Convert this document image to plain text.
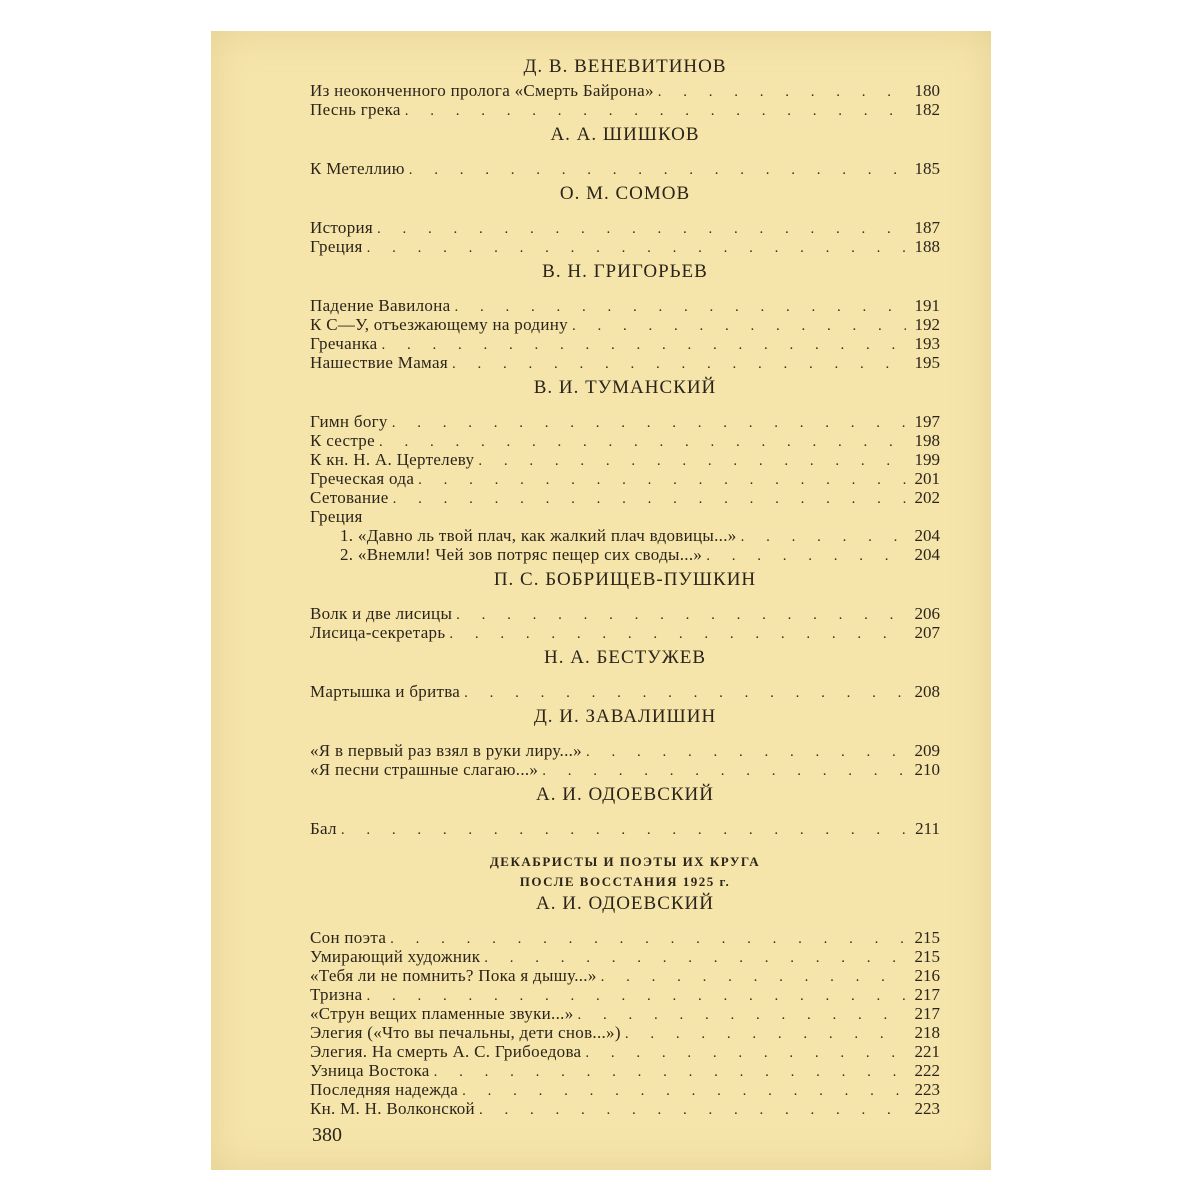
Д. В. ВЕНЕВИТИНОВ
Из неоконченного пролога «Смерть Байрона» . . .	180
Песнь грека . . .	182
А. А. ШИШКОВ
К Метеллию . . .	185
О. М. СОМОВ
История . . .	187
Греция . . .	188
В. Н. ГРИГОРЬЕВ
Падение Вавилона . . .	191
К С—У, отъезжающему на родину . . .	192
Гречанка . . .	193
Нашествие Мамая . . .	195
В. И. ТУМАНСКИЙ
Гимн богу . . .	197
К сестре . . .	198
К кн. Н. А. Цертелеву . . .	199
Греческая ода . . .	201
Сетование . . .	202
Греция
1. «Давно ль твой плач, как жалкий плач вдовицы...» . . .	204
2. «Внемли! Чей зов потряс пещер сих своды...» . . .	204
П. С. БОБРИЩЕВ-ПУШКИН
Волк и две лисицы . . .	206
Лисица-секретарь . . .	207
Н. А. БЕСТУЖЕВ
Мартышка и бритва . . .	208
Д. И. ЗАВАЛИШИН
«Я в первый раз взял в руки лиру...» . . .	209
«Я песни страшные слагаю...» . . .	210
А. И. ОДОЕВСКИЙ
Бал . . .	211
ДЕКАБРИСТЫ И ПОЭТЫ ИХ КРУГА
ПОСЛЕ ВОССТАНИЯ 1925 г.
А. И. ОДОЕВСКИЙ
Сон поэта . . .	215
Умирающий художник . . .	215
«Тебя ли не помнить? Пока я дышу...» . . .	216
Тризна . . .	217
«Струн вещих пламенные звуки...» . . .	217
Элегия («Что вы печальны, дети снов...») . . .	218
Элегия. На смерть А. С. Грибоедова . . .	221
Узница Востока . . .	222
Последняя надежда . . .	223
Кн. М. Н. Волконской . . .	223
380
